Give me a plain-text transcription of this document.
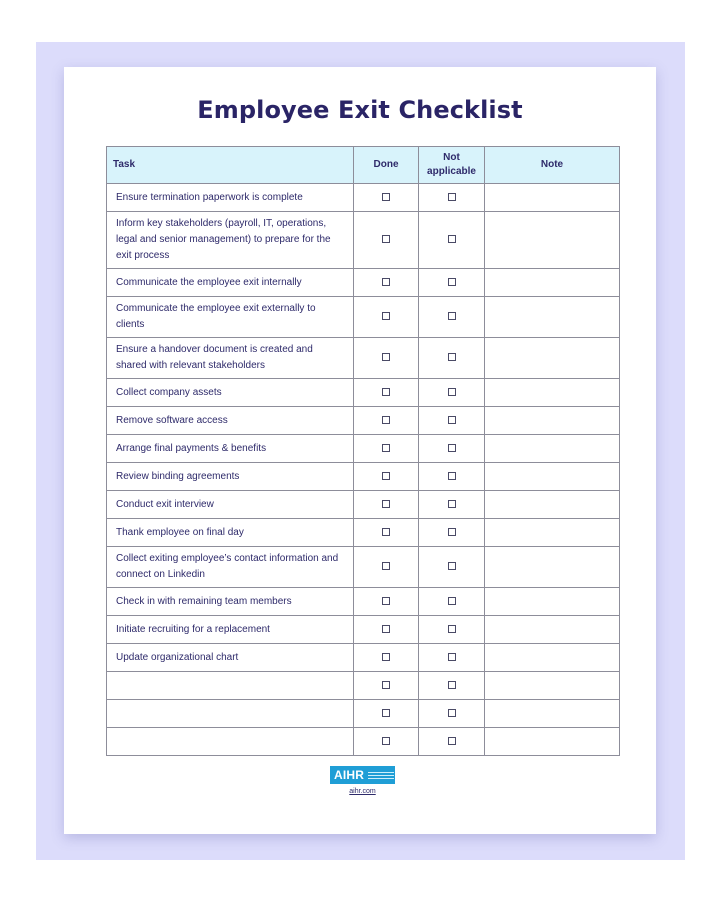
Employee Exit Checklist
Task	Done	Not applicable	Note
Ensure termination paperwork is complete			
Inform key stakeholders (payroll, IT, operations, legal and senior management) to prepare for the exit process			
Communicate the employee exit internally			
Communicate the employee exit externally to clients			
Ensure a handover document is created and shared with relevant stakeholders			
Collect company assets			
Remove software access			
Arrange final payments & benefits			
Review binding agreements			
Conduct exit interview			
Thank employee on final day			
Collect exiting employee’s contact information and connect on Linkedin			
Check in with remaining team members			
Initiate recruiting for a replacement			
Update organizational chart			

AIHR
aihr.com
